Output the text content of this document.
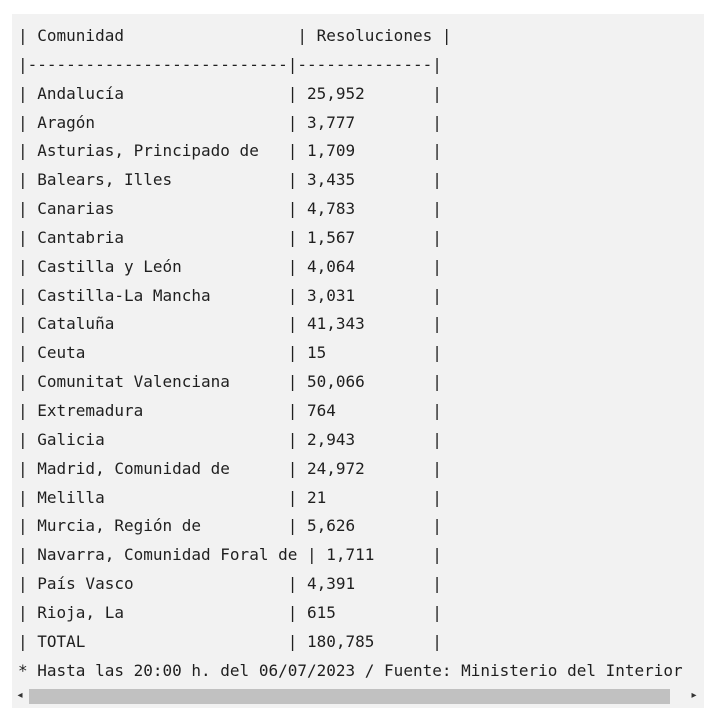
| Comunidad                  | Resoluciones |
|---------------------------|--------------|
| Andalucía                 | 25,952       |
| Aragón                    | 3,777        |
| Asturias, Principado de   | 1,709        |
| Balears, Illes            | 3,435        |
| Canarias                  | 4,783        |
| Cantabria                 | 1,567        |
| Castilla y León           | 4,064        |
| Castilla-La Mancha        | 3,031        |
| Cataluña                  | 41,343       |
| Ceuta                     | 15           |
| Comunitat Valenciana      | 50,066       |
| Extremadura               | 764          |
| Galicia                   | 2,943        |
| Madrid, Comunidad de      | 24,972       |
| Melilla                   | 21           |
| Murcia, Región de         | 5,626        |
| Navarra, Comunidad Foral de | 1,711      |
| País Vasco                | 4,391        |
| Rioja, La                 | 615          |
| TOTAL                     | 180,785      |
* Hasta las 20:00 h. del 06/07/2023 / Fuente: Ministerio del Interior
◂	▸
